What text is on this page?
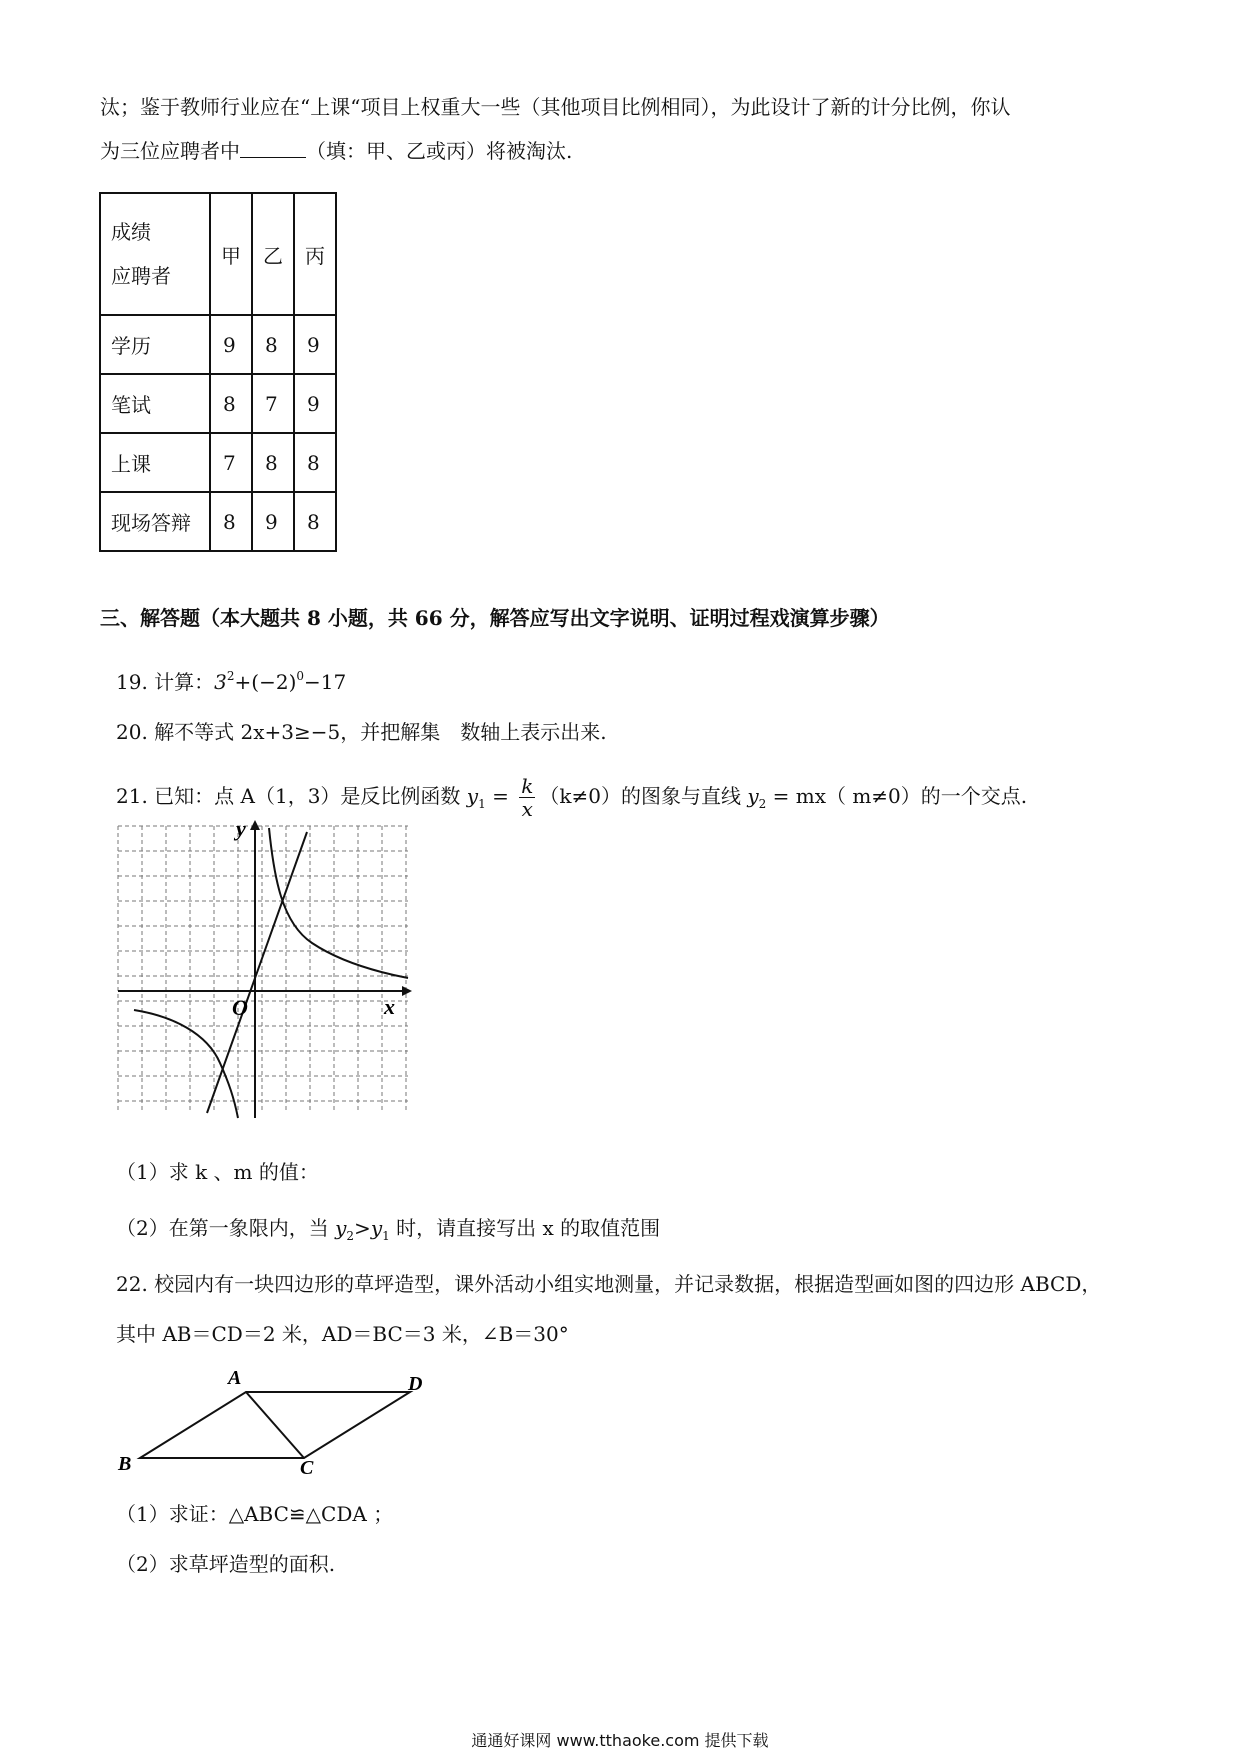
汰；鉴于教师行业应在“上课“项目上权重大一些（其他项目比例相同），为此设计了新的计分比例，你认
为三位应聘者中	（填：甲、乙或丙）将被淘汰.
成绩
应聘者	甲	乙	丙
学历	9	8	9
笔试	8	7	9
上课	7	8	8
现场答辩	8	9	8
三、解答题（本大题共 8 小题，共 66 分，解答应写出文字说明、证明过程戏演算步骤）
19. 计算：$3^2+(-2)^0-17$
20. 解不等式 2x+3≥−5，并把解集　数轴上表示出来.
21. 已知：点 A（1，3）是反比例函数 $y_1 = \frac{k}{x} (k\ne 0)$的图象与直线 $y_2 = mx$（ m≠0）的一个交点.
y
x
O
（1）求 k 、m 的值：
（2）在第一象限内，当 $y_2>y_1$ 时，请直接写出 x 的取值范围
22. 校园内有一块四边形的草坪造型，课外活动小组实地测量，并记录数据，根据造型画如图的四边形 ABCD，
其中 AB＝CD＝2 米，AD＝BC＝3 米，∠B＝30°
A	D
B	C
（1）求证：△ABC≌△CDA ；
（2）求草坪造型的面积.
通通好课网 www.tthaoke.com 提供下载
